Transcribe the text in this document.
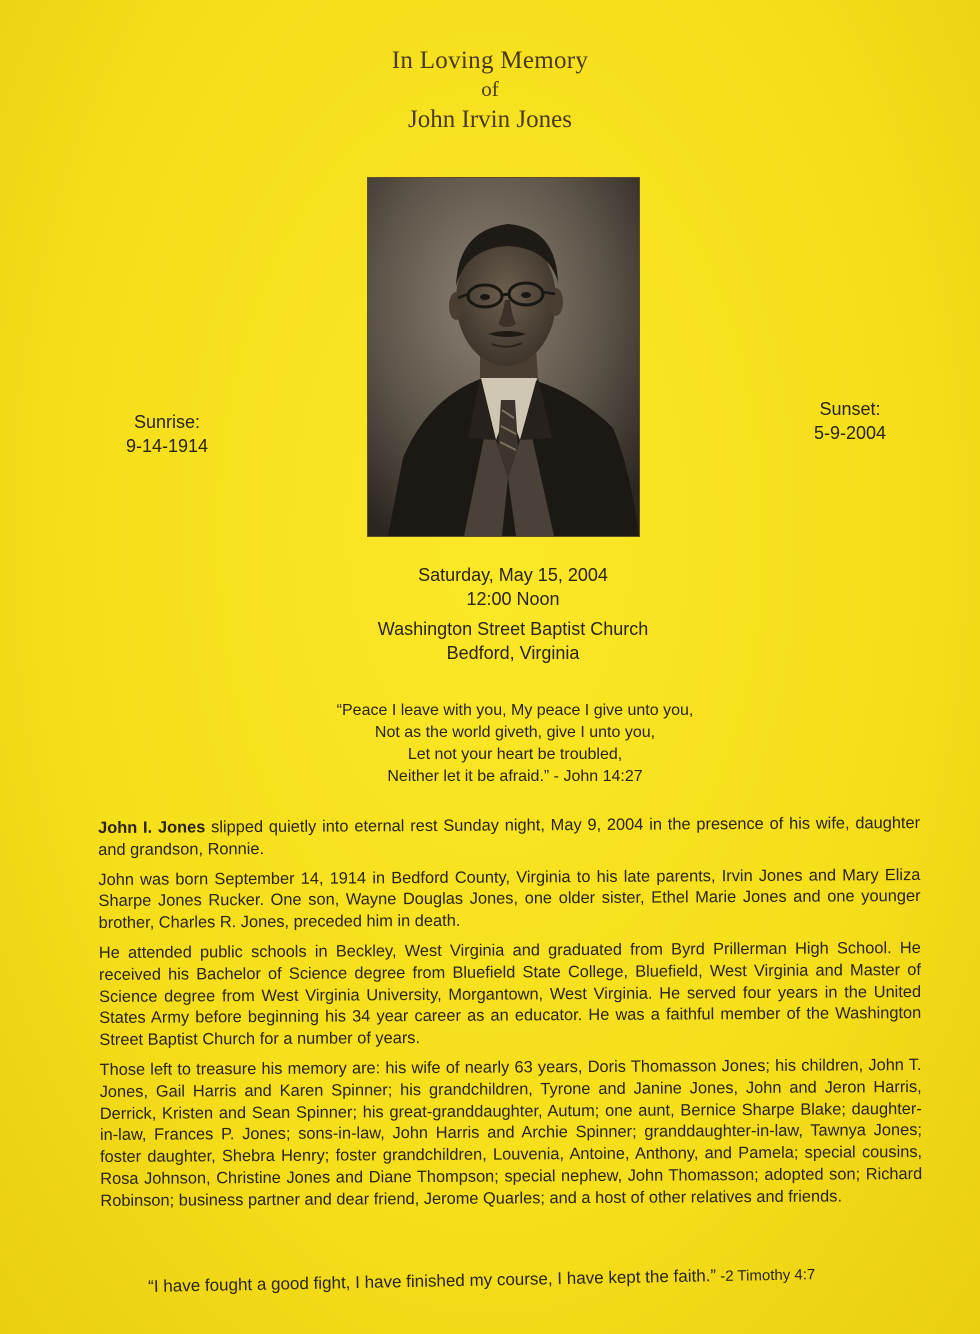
In Loving Memory
of
John Irvin Jones
Sunrise:
9-14-1914
Sunset:
5-9-2004
Saturday, May 15, 2004
12:00 Noon
Washington Street Baptist Church
Bedford, Virginia
“Peace I leave with you, My peace I give unto you,
Not as the world giveth, give I unto you,
Let not your heart be troubled,
Neither let it be afraid.” - John 14:27

John I. Jones slipped quietly into eternal rest Sunday night, May 9, 2004 in the presence of his wife, daughter and grandson, Ronnie.

John was born September 14, 1914 in Bedford County, Virginia to his late parents, Irvin Jones and Mary Eliza Sharpe Jones Rucker. One son, Wayne Douglas Jones, one older sister, Ethel Marie Jones and one younger brother, Charles R. Jones, preceded him in death.

He attended public schools in Beckley, West Virginia and graduated from Byrd Prillerman High School. He received his Bachelor of Science degree from Bluefield State College, Bluefield, West Virginia and Master of Science degree from West Virginia University, Morgantown, West Virginia. He served four years in the United States Army before beginning his 34 year career as an educator. He was a faithful member of the Washington Street Baptist Church for a number of years.

Those left to treasure his memory are: his wife of nearly 63 years, Doris Thomasson Jones; his children, John T. Jones, Gail Harris and Karen Spinner; his grandchildren, Tyrone and Janine Jones, John and Jeron Harris, Derrick, Kristen and Sean Spinner; his great-granddaughter, Autum; one aunt, Bernice Sharpe Blake; daughter-in-law, Frances P. Jones; sons-in-law, John Harris and Archie Spinner; granddaughter-in-law, Tawnya Jones; foster daughter, Shebra Henry; foster grandchildren, Louvenia, Antoine, Anthony, and Pamela; special cousins, Rosa Johnson, Christine Jones and Diane Thompson; special nephew, John Thomasson; adopted son; Richard Robinson; business partner and dear friend, Jerome Quarles; and a host of other relatives and friends.

“I have fought a good fight, I have finished my course, I have kept the faith.” -2 Timothy 4:7
